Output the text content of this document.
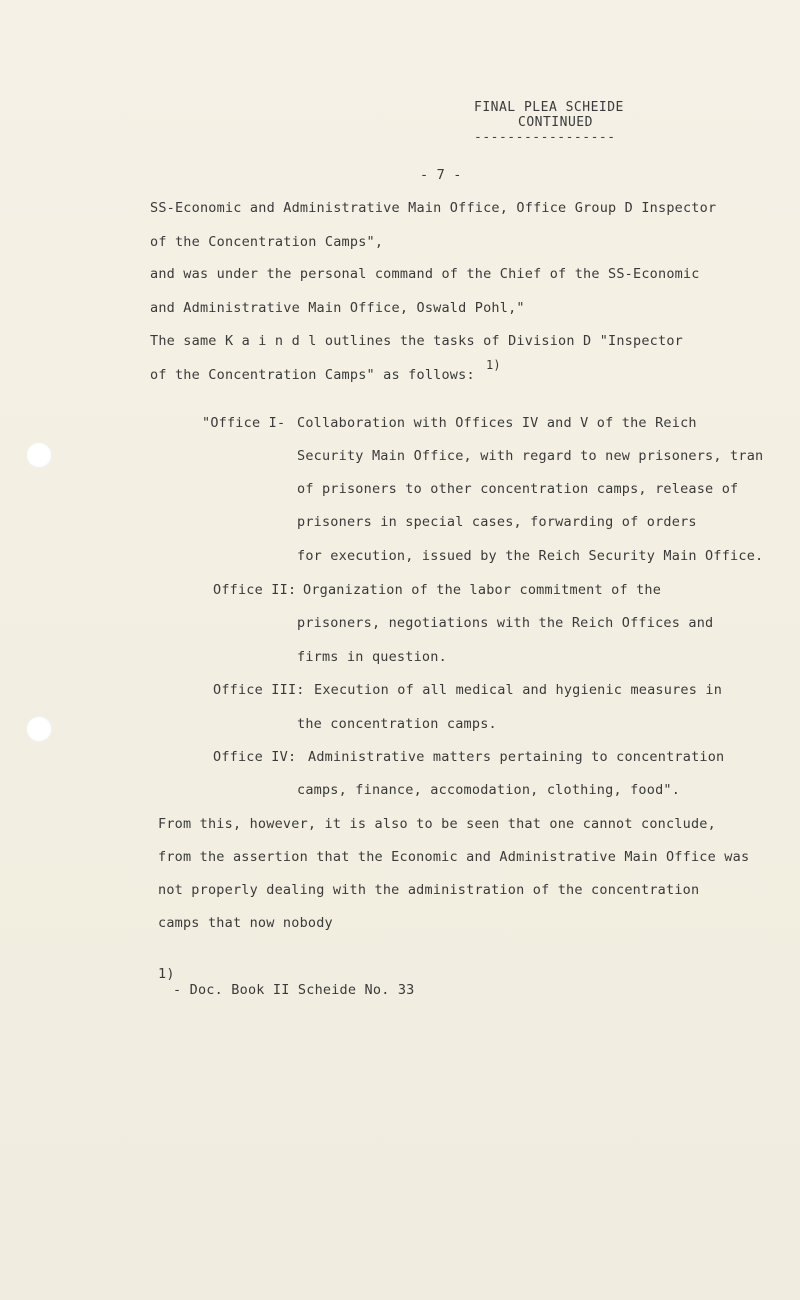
FINAL PLEA SCHEIDE
CONTINUED
-----------------
- 7 -
SS-Economic and Administrative Main Office, Office Group D Inspector
of the Concentration Camps",
and was under the personal command of the Chief of the SS-Economic
and Administrative Main Office, Oswald Pohl,"
The same K a i n d l outlines the tasks of Division D "Inspector
of the Concentration Camps" as follows:
1)
"Office I- Collaboration with Offices IV and V of the Reich
Security Main Office, with regard to new prisoners, tran
of prisoners to other concentration camps, release of
prisoners in special cases, forwarding of orders
for execution, issued by the Reich Security Main Office.
Office II: Organization of the labor commitment of the
prisoners, negotiations with the Reich Offices and
firms in question.
Office III: Execution of all medical and hygienic measures in
the concentration camps.
Office IV: Administrative matters pertaining to concentration
camps, finance, accomodation, clothing, food".
From this, however, it is also to be seen that one cannot conclude,
from the assertion that the Economic and Administrative Main Office was
not properly dealing with the administration of the concentration
camps that now nobody
1)
- Doc. Book II Scheide No. 33
